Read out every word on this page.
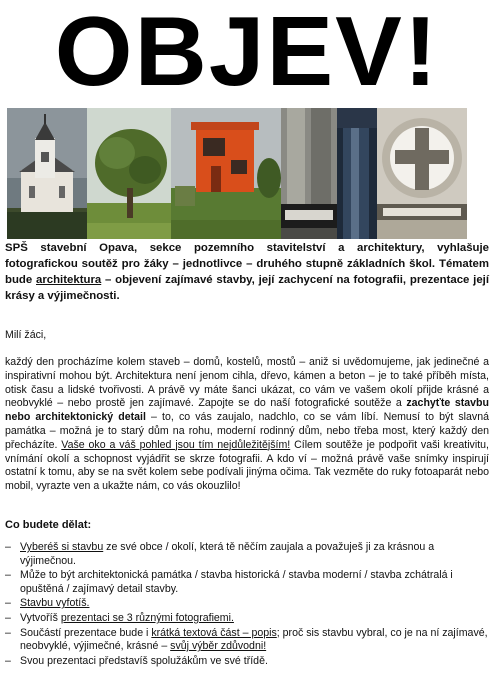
OBJEV!
SPŠ stavební Opava, sekce pozemního stavitelství a architektury, vyhlašuje fotografickou soutěž pro žáky – jednotlivce – druhého stupně základních škol. Tématem bude architektura – objevení zajímavé stavby, její zachycení na fotografii, prezentace její krásy a výjimečnosti.
Milí žáci,
každý den procházíme kolem staveb – domů, kostelů, mostů – aniž si uvědomujeme, jak jedinečné a inspirativní mohou být. Architektura není jenom cihla, dřevo, kámen a beton – je to také příběh místa, otisk času a lidské tvořivosti. A právě vy máte šanci ukázat, co vám ve vašem okolí přijde krásné a neobvyklé – nebo prostě jen zajímavé. Zapojte se do naší fotografické soutěže a zachyťte stavbu nebo architektonický detail – to, co vás zaujalo, nadchlo, co se vám líbí. Nemusí to být slavná památka – možná je to starý dům na rohu, moderní rodinný dům, nebo třeba most, který každý den přecházíte. Vaše oko a váš pohled jsou tím nejdůležitějším! Cílem soutěže je podpořit vaši kreativitu, vnímání okolí a schopnost vyjádřit se skrze fotografii. A kdo ví – možná právě vaše snímky inspirují ostatní k tomu, aby se na svět kolem sebe podívali jinýma očima. Tak vezměte do ruky fotoaparát nebo mobil, vyrazte ven a ukažte nám, co vás okouzlilo!
Co budete dělat:
– Vyberéš si stavbu ze své obce / okolí, která tě něčím zaujala a považuješ ji za krásnou a výjimečnou.
– Může to být architektonická památka / stavba historická / stavba moderní / stavba zchátralá i opuštěná / zajímavý detail stavby.
– Stavbu vyfotíš.
– Vytvoříš prezentaci se 3 různými fotografiemi.
– Součástí prezentace bude i krátká textová část – popis; proč sis stavbu vybral, co je na ní zajímavé, neobvyklé, výjimečné, krásné – svůj výběr zdůvodni!
– Svou prezentaci představíš spolužákům ve své třídě.
